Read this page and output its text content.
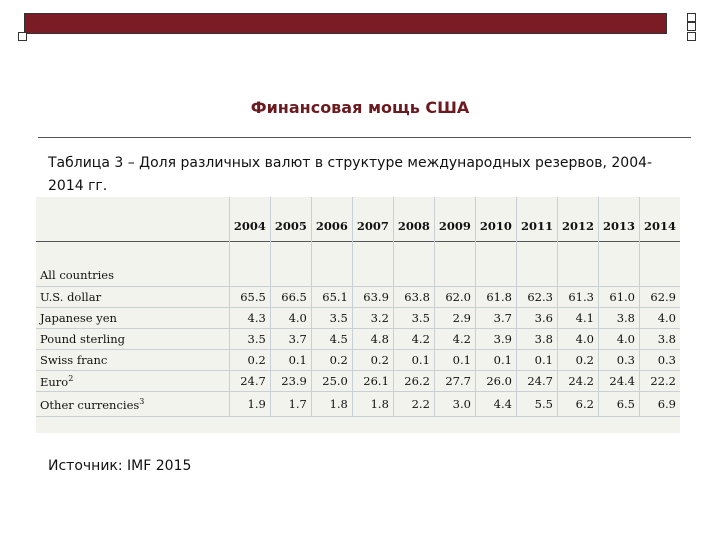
Финансовая мощь США
Таблица 3 – Доля различных валют в структуре международных резервов, 2004-2014 гг.

	2004	2005	2006	2007	2008	2009	2010	2011	2012	2013	2014

All countries											
U.S. dollar	65.5	66.5	65.1	63.9	63.8	62.0	61.8	62.3	61.3	61.0	62.9
Japanese yen	4.3	4.0	3.5	3.2	3.5	2.9	3.7	3.6	4.1	3.8	4.0
Pound sterling	3.5	3.7	4.5	4.8	4.2	4.2	3.9	3.8	4.0	4.0	3.8
Swiss franc	0.2	0.1	0.2	0.2	0.1	0.1	0.1	0.1	0.2	0.3	0.3
Euro$^2$	24.7	23.9	25.0	26.1	26.2	27.7	26.0	24.7	24.2	24.4	22.2
Other currencies$^3$	1.9	1.7	1.8	1.8	2.2	3.0	4.4	5.5	6.2	6.5	6.9
Источник: IMF 2015
